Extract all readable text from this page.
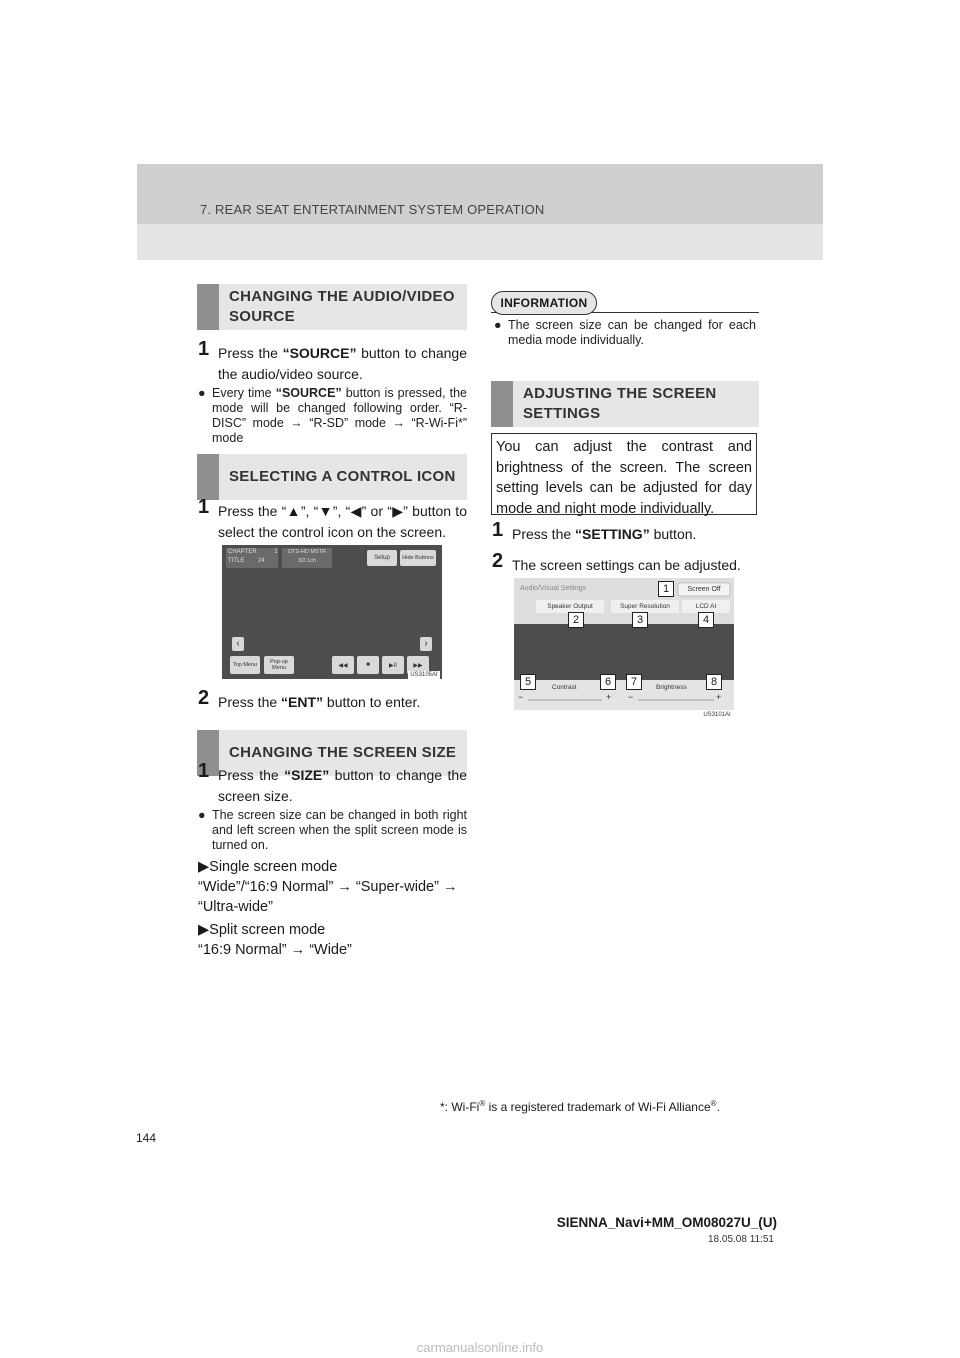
7. REAR SEAT ENTERTAINMENT SYSTEM OPERATION
CHANGING THE AUDIO/VIDEO SOURCE
1 Press the “SOURCE” button to change the audio/video source.
● Every time “SOURCE” button is pressed, the mode will be changed following order. “R-DISC” mode → “R-SD” mode → “R-Wi-Fi*” mode
SELECTING A CONTROL ICON
1 Press the “▲”, “▼”, “◀” or “▶” button to select the control icon on the screen.
CHAPTER	1
TITLE 24
DTS-HD MSTR
3/2.1ch	Setup	Hide Buttons
‹	›
Top Menu	Pop-up Menu	◀◀	■	▶II	▶▶
US3105AI
2 Press the “ENT” button to enter.
CHANGING THE SCREEN SIZE
1 Press the “SIZE” button to change the screen size.
● The screen size can be changed in both right and left screen when the split screen mode is turned on.
▶Single screen mode
“Wide”/“16:9 Normal” → “Super-wide” →
“Ultra-wide”
▶Split screen mode
“16:9 Normal” → “Wide”
INFORMATION
● The screen size can be changed for each media mode individually.
ADJUSTING THE SCREEN SETTINGS
You can adjust the contrast and brightness of the screen. The screen setting levels can be adjusted for day mode and night mode individually.
1 Press the “SETTING” button.
2 The screen settings can be adjusted.
Audio/Visual Settings	Screen Off
Speaker Output	Super Resolution	LCD AI
Contrast	Brightness
−	+ −	+
1
2	3	4
5	6	7	8
US3101AI
*: Wi-Fi® is a registered trademark of Wi-Fi Alliance®.
144
SIENNA_Navi+MM_OM08027U_(U)
18.05.08 11:51
carmanualsonline.info
